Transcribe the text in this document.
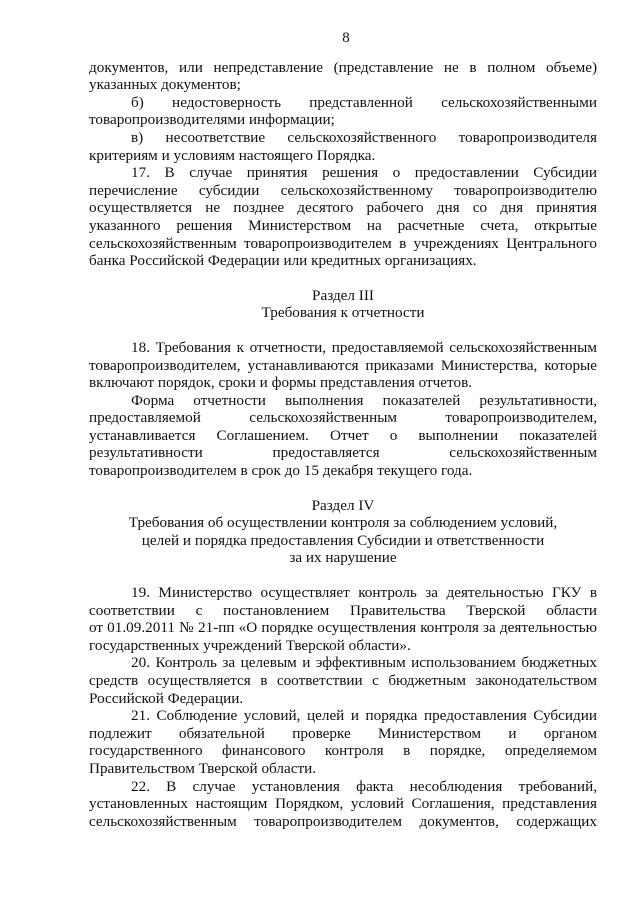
8
документов, или непредставление (представление не в полном объеме)
указанных документов;
б) недостоверность представленной сельскохозяйственными
товаропроизводителями информации;
в) несоответствие сельскохозяйственного товаропроизводителя
критериям и условиям настоящего Порядка.
17. В случае принятия решения о предоставлении Субсидии
перечисление субсидии сельскохозяйственному товаропроизводителю
осуществляется не позднее десятого рабочего дня со дня принятия
указанного решения Министерством на расчетные счета, открытые
сельскохозяйственным товаропроизводителем в учреждениях Центрального
банка Российской Федерации или кредитных организациях.
Раздел III
Требования к отчетности
18. Требования к отчетности, предоставляемой сельскохозяйственным
товаропроизводителем, устанавливаются приказами Министерства, которые
включают порядок, сроки и формы представления отчетов.
Форма отчетности выполнения показателей результативности,
предоставляемой сельскохозяйственным товаропроизводителем,
устанавливается Соглашением. Отчет о выполнении показателей
результативности предоставляется сельскохозяйственным
товаропроизводителем в срок до 15 декабря текущего года.
Раздел IV
Требования об осуществлении контроля за соблюдением условий,
целей и порядка предоставления Субсидии и ответственности
за их нарушение
19. Министерство осуществляет контроль за деятельностью ГКУ в
соответствии с постановлением Правительства Тверской области
от 01.09.2011 № 21-пп «О порядке осуществления контроля за деятельностью
государственных учреждений Тверской области».
20. Контроль за целевым и эффективным использованием бюджетных
средств осуществляется в соответствии с бюджетным законодательством
Российской Федерации.
21. Соблюдение условий, целей и порядка предоставления Субсидии
подлежит обязательной проверке Министерством и органом
государственного финансового контроля в порядке, определяемом
Правительством Тверской области.
22. В случае установления факта несоблюдения требований,
установленных настоящим Порядком, условий Соглашения, представления
сельскохозяйственным товаропроизводителем документов, содержащих
